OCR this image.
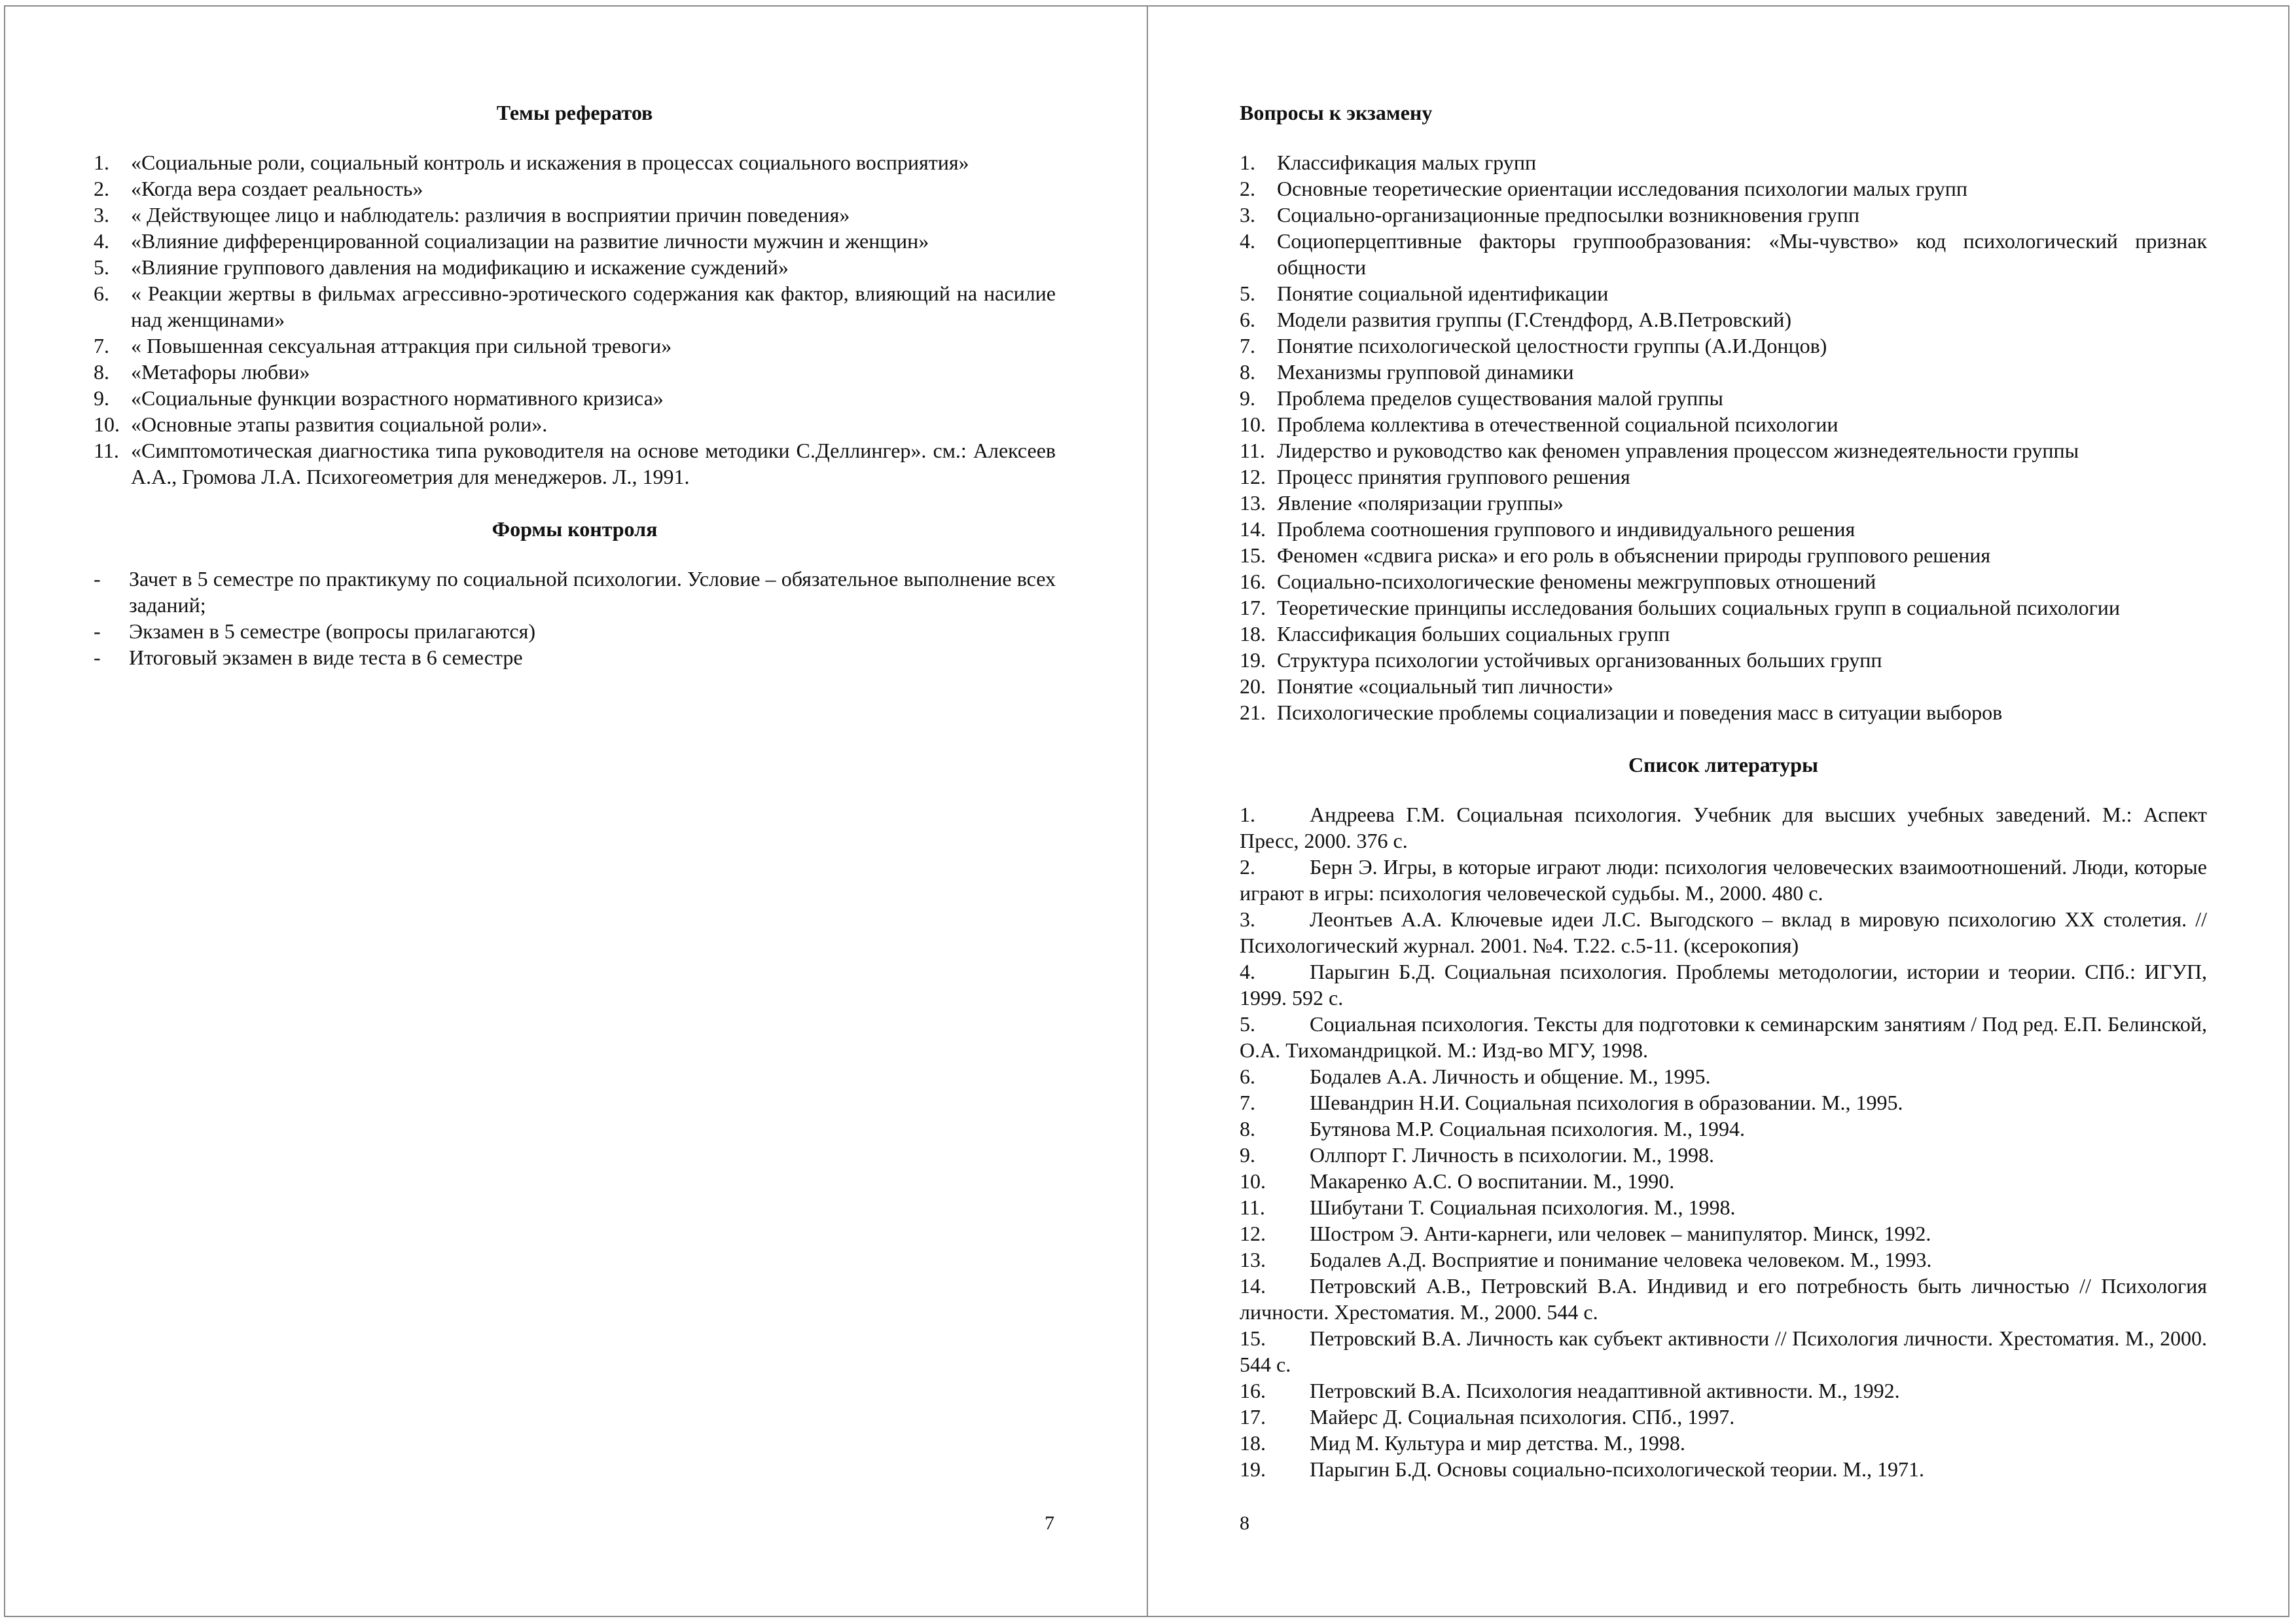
Темы рефератов
1. «Социальные роли, социальный контроль и искажения в процессах социального восприятия»
2. «Когда вера создает реальность»
3. « Действующее лицо и наблюдатель: различия в восприятии причин поведения»
4. «Влияние дифференцированной социализации на развитие личности мужчин и женщин»
5. «Влияние группового давления на модификацию и искажение суждений»
6. « Реакции жертвы в фильмах агрессивно-эротического содержания как фактор, влияющий на насилие над женщинами»
7. « Повышенная сексуальная аттракция при сильной тревоги»
8. «Метафоры любви»
9. «Социальные функции возрастного нормативного кризиса»
10. «Основные этапы развития социальной роли».
11. «Симптомотическая диагностика типа руководителя на основе методики С.Деллингер». см.: Алексеев А.А., Громова Л.А. Психогеометрия для менеджеров. Л., 1991.
Формы контроля
- Зачет в 5 семестре по практикуму по социальной психологии. Условие – обязательное выполнение всех заданий;
- Экзамен в 5 семестре (вопросы прилагаются)
- Итоговый экзамен в виде теста в 6 семестре
7
Вопросы к экзамену
1. Классификация малых групп
2. Основные теоретические ориентации исследования психологии малых групп
3. Социально-организационные предпосылки возникновения групп
4. Социоперцептивные факторы группообразования: «Мы-чувство» код психологический признак общности
5. Понятие социальной идентификации
6. Модели развития группы (Г.Стендфорд, А.В.Петровский)
7. Понятие психологической целостности группы (А.И.Донцов)
8. Механизмы групповой динамики
9. Проблема пределов существования малой группы
10. Проблема коллектива в отечественной социальной психологии
11. Лидерство и руководство как феномен управления процессом жизнедеятельности группы
12. Процесс принятия группового решения
13. Явление «поляризации группы»
14. Проблема соотношения группового и индивидуального решения
15. Феномен «сдвига риска» и его роль в объяснении природы группового решения
16. Социально-психологические феномены межгрупповых отношений
17. Теоретические принципы исследования больших социальных групп в социальной психологии
18. Классификация больших социальных групп
19. Структура психологии устойчивых организованных больших групп
20. Понятие «социальный тип личности»
21. Психологические проблемы социализации и поведения масс в ситуации выборов
Список литературы
1.	Андреева Г.М. Социальная психология. Учебник для высших учебных заведений. М.: Аспект Пресс, 2000. 376 с.
2.	Берн Э. Игры, в которые играют люди: психология человеческих взаимоотношений. Люди, которые играют в игры: психология человеческой судьбы. М., 2000. 480 с.
3.	Леонтьев А.А. Ключевые идеи Л.С. Выгодского – вклад в мировую психологию XX столетия. // Психологический журнал. 2001. №4. Т.22. с.5-11. (ксерокопия)
4.	Парыгин Б.Д. Социальная психология. Проблемы методологии, истории и теории. СПб.: ИГУП, 1999. 592 с.
5.	Социальная психология. Тексты для подготовки к семинарским занятиям / Под ред. Е.П. Белинской, О.А. Тихомандрицкой. М.: Изд-во МГУ, 1998.
6.	Бодалев А.А. Личность и общение. М., 1995.
7.	Шевандрин Н.И. Социальная психология в образовании. М., 1995.
8.	Бутянова М.Р. Социальная психология. М., 1994.
9.	Оллпорт Г. Личность в психологии. М., 1998.
10. Макаренко А.С. О воспитании. М., 1990.
11. Шибутани Т. Социальная психология. М., 1998.
12. Шостром Э. Анти-карнеги, или человек – манипулятор. Минск, 1992.
13. Бодалев А.Д. Восприятие и понимание человека человеком. М., 1993.
14. Петровский А.В., Петровский В.А. Индивид и его потребность быть личностью // Психология личности. Хрестоматия. М., 2000. 544 с.
15. Петровский В.А. Личность как субъект активности // Психология личности. Хрестоматия. М., 2000. 544 с.
16. Петровский В.А. Психология неадаптивной активности. М., 1992.
17. Майерс Д. Социальная психология. СПб., 1997.
18. Мид М. Культура и мир детства. М., 1998.
19. Парыгин Б.Д. Основы социально-психологической теории. М., 1971.
8
